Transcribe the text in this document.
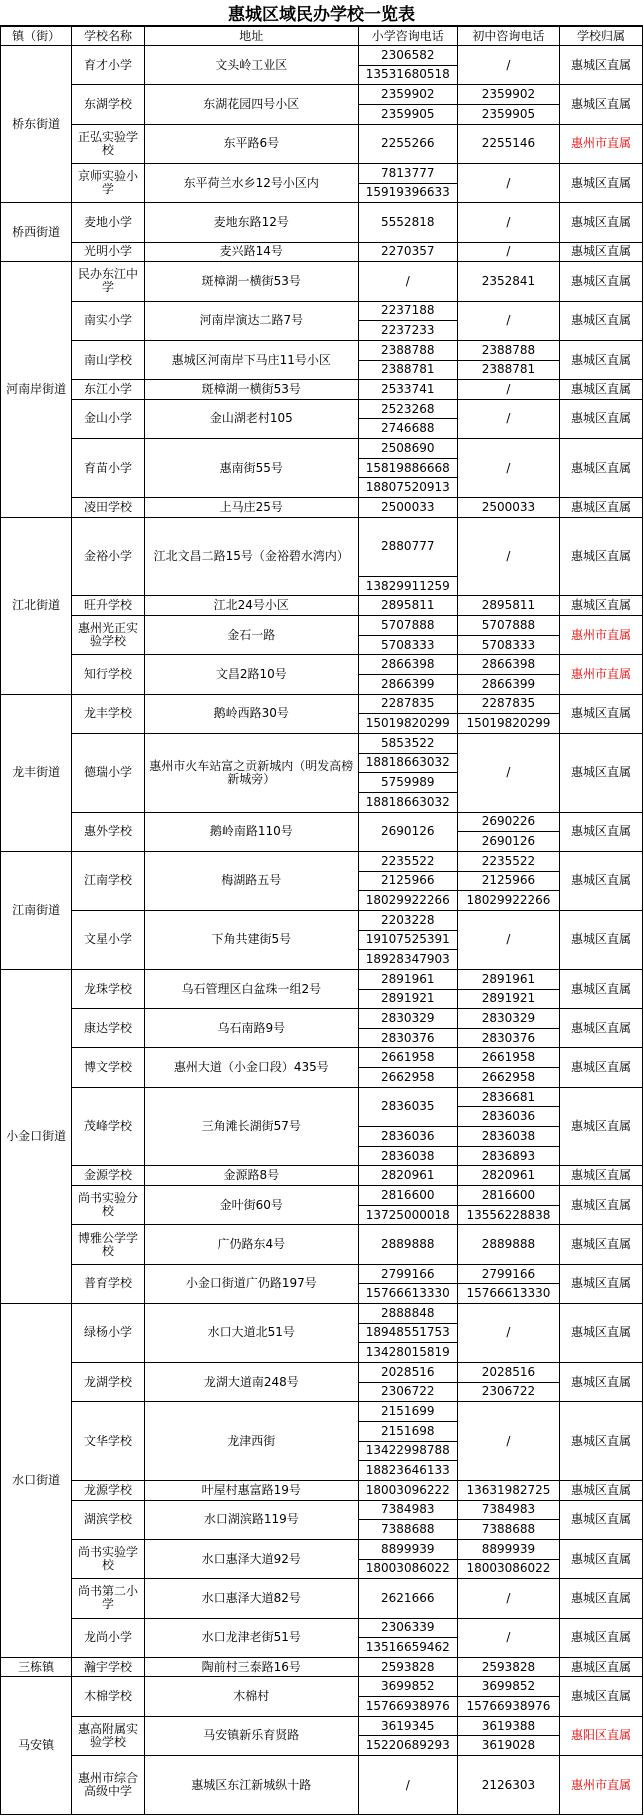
惠城区域民办学校一览表
镇（街）	学校名称	地址	小学咨询电话	初中咨询电话	学校归属
桥东街道	育才小学	文头岭工业区	2306582	/	惠城区直属
			13531680518		
	东湖学校	东湖花园四号小区	2359902	2359902	惠城区直属
			2359905	2359905	
	正弘实验学校	东平路6号	2255266	2255146	惠州市直属

	京师实验小学	东平荷兰水乡12号小区内	7813777	/	惠城区直属
			15919396633		
桥西街道	麦地小学	麦地东路12号	5552818	/	惠城区直属

	光明小学	麦兴路14号	2270357	/	惠城区直属
河南岸街道	民办东江中学	斑樟湖一横街53号	/	2352841	惠城区直属

	南实小学	河南岸演达二路7号	2237188	/	惠城区直属
			2237233		
	南山学校	惠城区河南岸下马庄11号小区	2388788	2388788	惠城区直属
			2388781	2388781	
	东江小学	斑樟湖一横街53号	2533741	/	惠城区直属
	金山小学	金山湖老村105	2523268	/	惠城区直属
			2746688		
	育苗小学	惠南街55号	2508690	/	惠城区直属
			15819886668		
			18807520913		
	凌田学校	上马庄25号	2500033	2500033	惠城区直属
江北街道	金裕小学	江北文昌二路15号（金裕碧水湾内）	2880777	/	惠城区直属

			13829911259		
	旺升学校	江北24号小区	2895811	2895811	惠城区直属
	惠州光正实验学校	金石一路	5707888	5707888	惠州市直属
			5708333	5708333	
	知行学校	文昌2路10号	2866398	2866398	惠州市直属
			2866399	2866399	
龙丰街道	龙丰学校	鹅岭西路30号	2287835	2287835	惠城区直属
			15019820299	15019820299	
	德瑞小学	惠州市火车站富之贡新城内（明发高榜新城旁）	5853522	/	惠城区直属
			18818663032		
			5759989		
			18818663032		
	惠外学校	鹅岭南路110号	2690126	2690226	惠城区直属
				2690126	
江南街道	江南学校	梅湖路五号	2235522	2235522	惠城区直属
			2125966	2125966	
			18029922266	18029922266	
	文星小学	下角共建街5号	2203228	/	惠城区直属
			19107525391		
			18928347903		
小金口街道	龙珠学校	乌石管理区白盆珠一组2号	2891961	2891961	惠城区直属
			2891921	2891921	
	康达学校	乌石南路9号	2830329	2830329	惠城区直属
			2830376	2830376	
	博文学校	惠州大道（小金口段）435号	2661958	2661958	惠城区直属
			2662958	2662958	
	茂峰学校	三角滩长湖街57号	2836035	2836681	惠城区直属
				2836036	
			2836036	2836038	
			2836038	2836893	
	金源学校	金源路8号	2820961	2820961	惠城区直属
	尚书实验分校	金叶街60号	2816600	2816600	惠城区直属
			13725000018	13556228838	
	博雅公学学校	广仍路东4号	2889888	2889888	惠城区直属

	普育学校	小金口街道广仍路197号	2799166	2799166	惠城区直属
			15766613330	15766613330	
水口街道	绿杨小学	水口大道北51号	2888848	/	惠城区直属
			18948551753		
			13428015819		
	龙湖学校	龙湖大道南248号	2028516	2028516	惠城区直属
			2306722	2306722	
	文华学校	龙津西街	2151699	/	惠城区直属
			2151698		
			13422998788		
			18823646133		
	龙源学校	叶屋村惠富路19号	18003096222	13631982725	惠城区直属
	湖滨学校	水口湖滨路119号	7384983	7384983	惠城区直属
			7388688	7388688	
	尚书实验学校	水口惠泽大道92号	8899939	8899939	惠城区直属
			18003086022	18003086022	
	尚书第二小学	水口惠泽大道82号	2621666	/	惠城区直属

	龙尚小学	水口龙津老街51号	2306339	/	惠城区直属
			13516659462		
三栋镇	瀚宇学校	陶前村三泰路16号	2593828	2593828	惠城区直属
马安镇	木棉学校	木棉村	3699852	3699852	惠城区直属
			15766938976	15766938976	
	惠高附属实验学校	马安镇新乐育贤路	3619345	3619388	惠阳区直属
			15220689293	3619028	
	惠州市综合高级中学	惠城区东江新城纵十路	/	2126303	惠州市直属
